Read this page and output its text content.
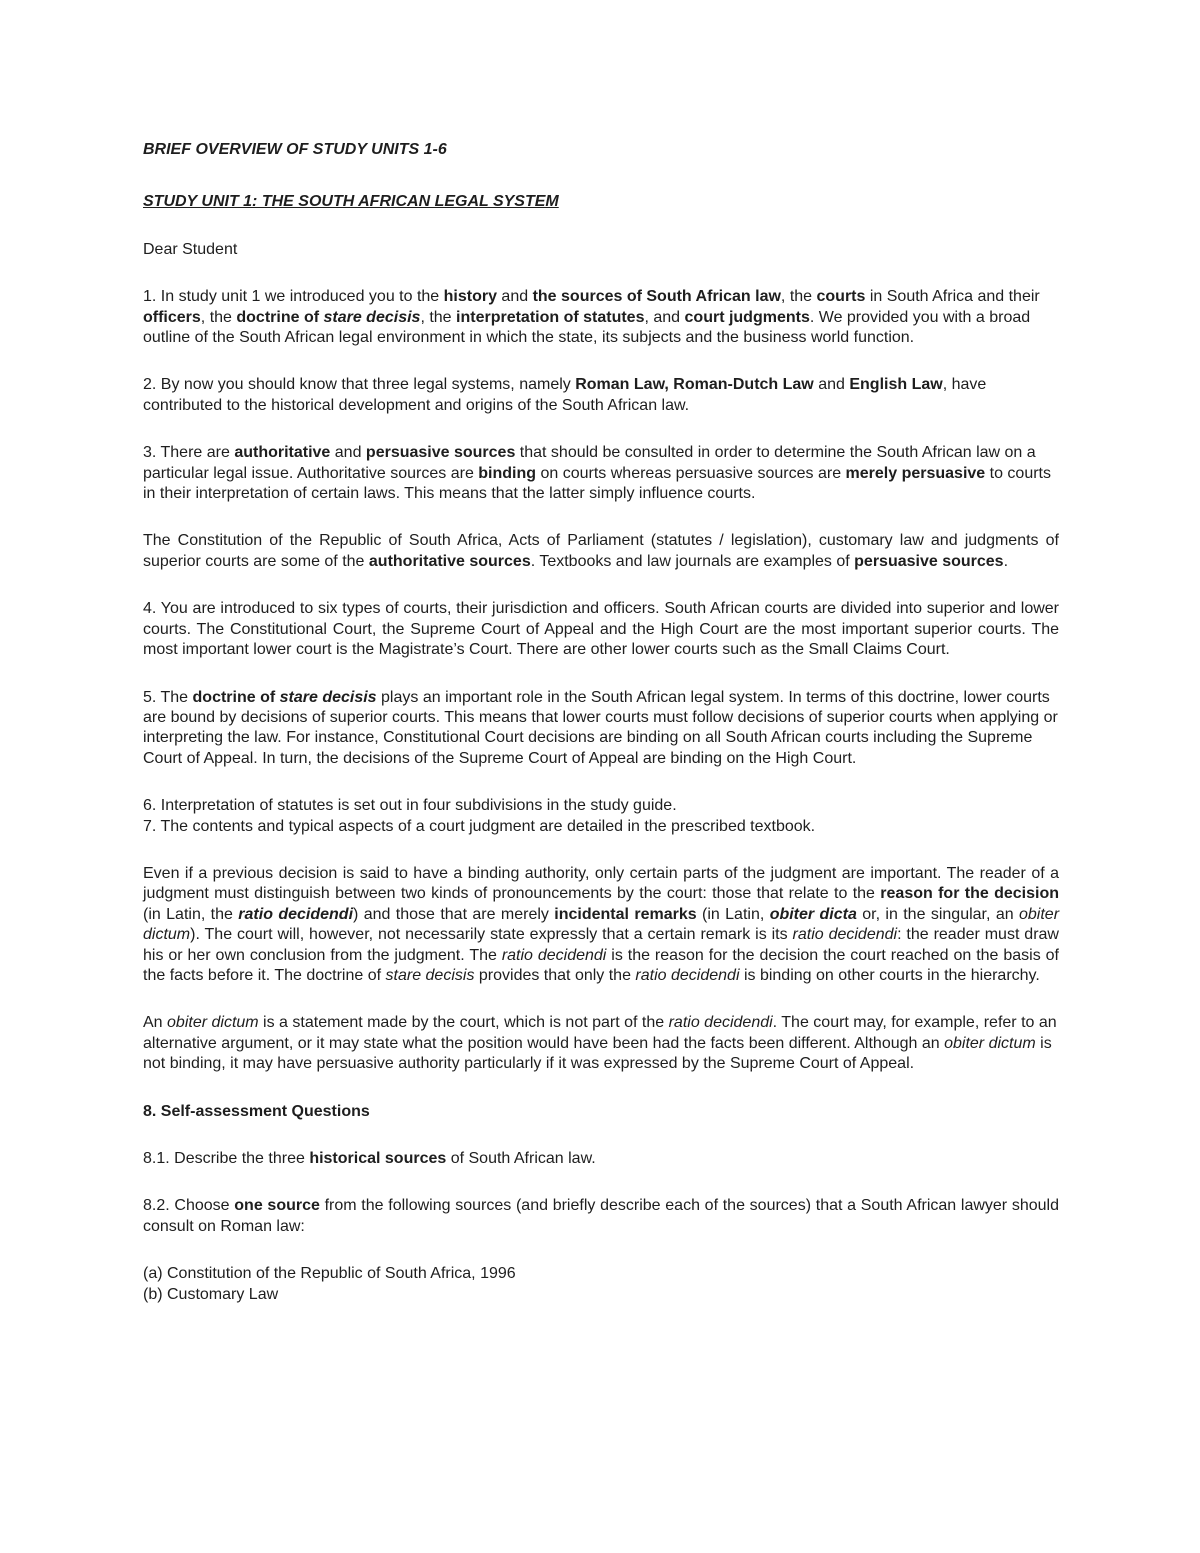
BRIEF OVERVIEW OF STUDY UNITS 1-6

STUDY UNIT 1: THE SOUTH AFRICAN LEGAL SYSTEM

Dear Student

1. In study unit 1 we introduced you to the history and the sources of South African law, the courts in South Africa and their officers, the doctrine of stare decisis, the interpretation of statutes, and court judgments. We provided you with a broad outline of the South African legal environment in which the state, its subjects and the business world function.

2. By now you should know that three legal systems, namely Roman Law, Roman-Dutch Law and English Law, have contributed to the historical development and origins of the South African law.

3. There are authoritative and persuasive sources that should be consulted in order to determine the South African law on a particular legal issue. Authoritative sources are binding on courts whereas persuasive sources are merely persuasive to courts in their interpretation of certain laws. This means that the latter simply influence courts.

The Constitution of the Republic of South Africa, Acts of Parliament (statutes / legislation), customary law and judgments of superior courts are some of the authoritative sources. Textbooks and law journals are examples of persuasive sources.

4. You are introduced to six types of courts, their jurisdiction and officers. South African courts are divided into superior and lower courts. The Constitutional Court, the Supreme Court of Appeal and the High Court are the most important superior courts. The most important lower court is the Magistrate’s Court. There are other lower courts such as the Small Claims Court.

5. The doctrine of stare decisis plays an important role in the South African legal system. In terms of this doctrine, lower courts are bound by decisions of superior courts. This means that lower courts must follow decisions of superior courts when applying or interpreting the law. For instance, Constitutional Court decisions are binding on all South African courts including the Supreme Court of Appeal. In turn, the decisions of the Supreme Court of Appeal are binding on the High Court.

6. Interpretation of statutes is set out in four subdivisions in the study guide.

7. The contents and typical aspects of a court judgment are detailed in the prescribed textbook.

Even if a previous decision is said to have a binding authority, only certain parts of the judgment are important. The reader of a judgment must distinguish between two kinds of pronouncements by the court: those that relate to the reason for the decision (in Latin, the ratio decidendi) and those that are merely incidental remarks (in Latin, obiter dicta or, in the singular, an obiter dictum). The court will, however, not necessarily state expressly that a certain remark is its ratio decidendi: the reader must draw his or her own conclusion from the judgment. The ratio decidendi is the reason for the decision the court reached on the basis of the facts before it. The doctrine of stare decisis provides that only the ratio decidendi is binding on other courts in the hierarchy.

An obiter dictum is a statement made by the court, which is not part of the ratio decidendi. The court may, for example, refer to an alternative argument, or it may state what the position would have been had the facts been different. Although an obiter dictum is not binding, it may have persuasive authority particularly if it was expressed by the Supreme Court of Appeal.

8. Self-assessment Questions

8.1. Describe the three historical sources of South African law.

8.2. Choose one source from the following sources (and briefly describe each of the sources) that a South African lawyer should consult on Roman law:

(a) Constitution of the Republic of South Africa, 1996

(b) Customary Law
